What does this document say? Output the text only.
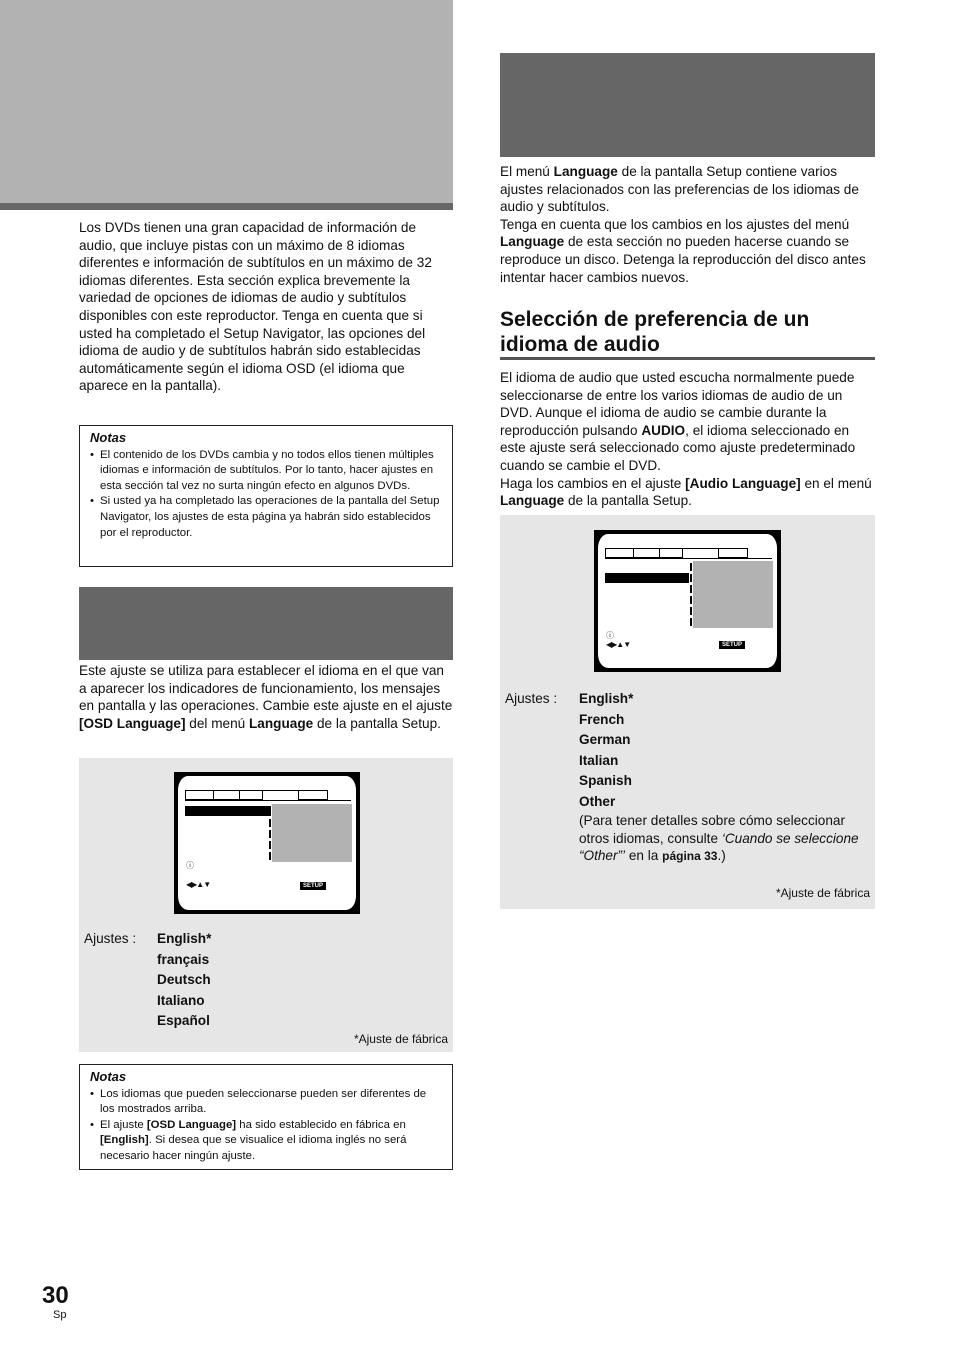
Los DVDs tienen una gran capacidad de información de audio, que incluye pistas con un máximo de 8 idiomas diferentes e información de subtítulos en un máximo de 32 idiomas diferentes. Esta sección explica brevemente la variedad de opciones de idiomas de audio y subtítulos disponibles con este reproductor. Tenga en cuenta que si usted ha completado el Setup Navigator, las opciones del idioma de audio y de subtítulos habrán sido establecidas automáticamente según el idioma OSD (el idioma que aparece en la pantalla).
Notas
• El contenido de los DVDs cambia y no todos ellos tienen múltiples idiomas e información de subtítulos. Por lo tanto, hacer ajustes en esta sección tal vez no surta ningún efecto en algunos DVDs.
• Si usted ya ha completado las operaciones de la pantalla del Setup Navigator, los ajustes de esta página ya habrán sido establecidos por el reproductor.
Este ajuste se utiliza para establecer el idioma en el que van a aparecer los indicadores de funcionamiento, los mensajes en pantalla y las operaciones. Cambie este ajuste en el ajuste [OSD Language] del menú Language de la pantalla Setup.
ⓘ
◀▶▲▼	SETUP
Ajustes : English*
français
Deutsch
Italiano
Español
*Ajuste de fábrica
Notas
• Los idiomas que pueden seleccionarse pueden ser diferentes de los mostrados arriba.
• El ajuste [OSD Language] ha sido establecido en fábrica en [English]. Si desea que se visualice el idioma inglés no será necesario hacer ningún ajuste.
El menú Language de la pantalla Setup contiene varios ajustes relacionados con las preferencias de los idiomas de audio y subtítulos.
Tenga en cuenta que los cambios en los ajustes del menú Language de esta sección no pueden hacerse cuando se reproduce un disco. Detenga la reproducción del disco antes intentar hacer cambios nuevos.
Selección de preferencia de un idioma de audio
El idioma de audio que usted escucha normalmente puede seleccionarse de entre los varios idiomas de audio de un DVD. Aunque el idioma de audio se cambie durante la reproducción pulsando AUDIO, el idioma seleccionado en este ajuste será seleccionado como ajuste predeterminado cuando se cambie el DVD.
Haga los cambios en el ajuste [Audio Language] en el menú Language de la pantalla Setup.
ⓘ
◀▶▲▼	SETUP
Ajustes : English*
French
German
Italian
Spanish
Other
(Para tener detalles sobre cómo seleccionar otros idiomas, consulte ‘Cuando se seleccione “Other”’ en la página 33.)
*Ajuste de fábrica
30
Sp
